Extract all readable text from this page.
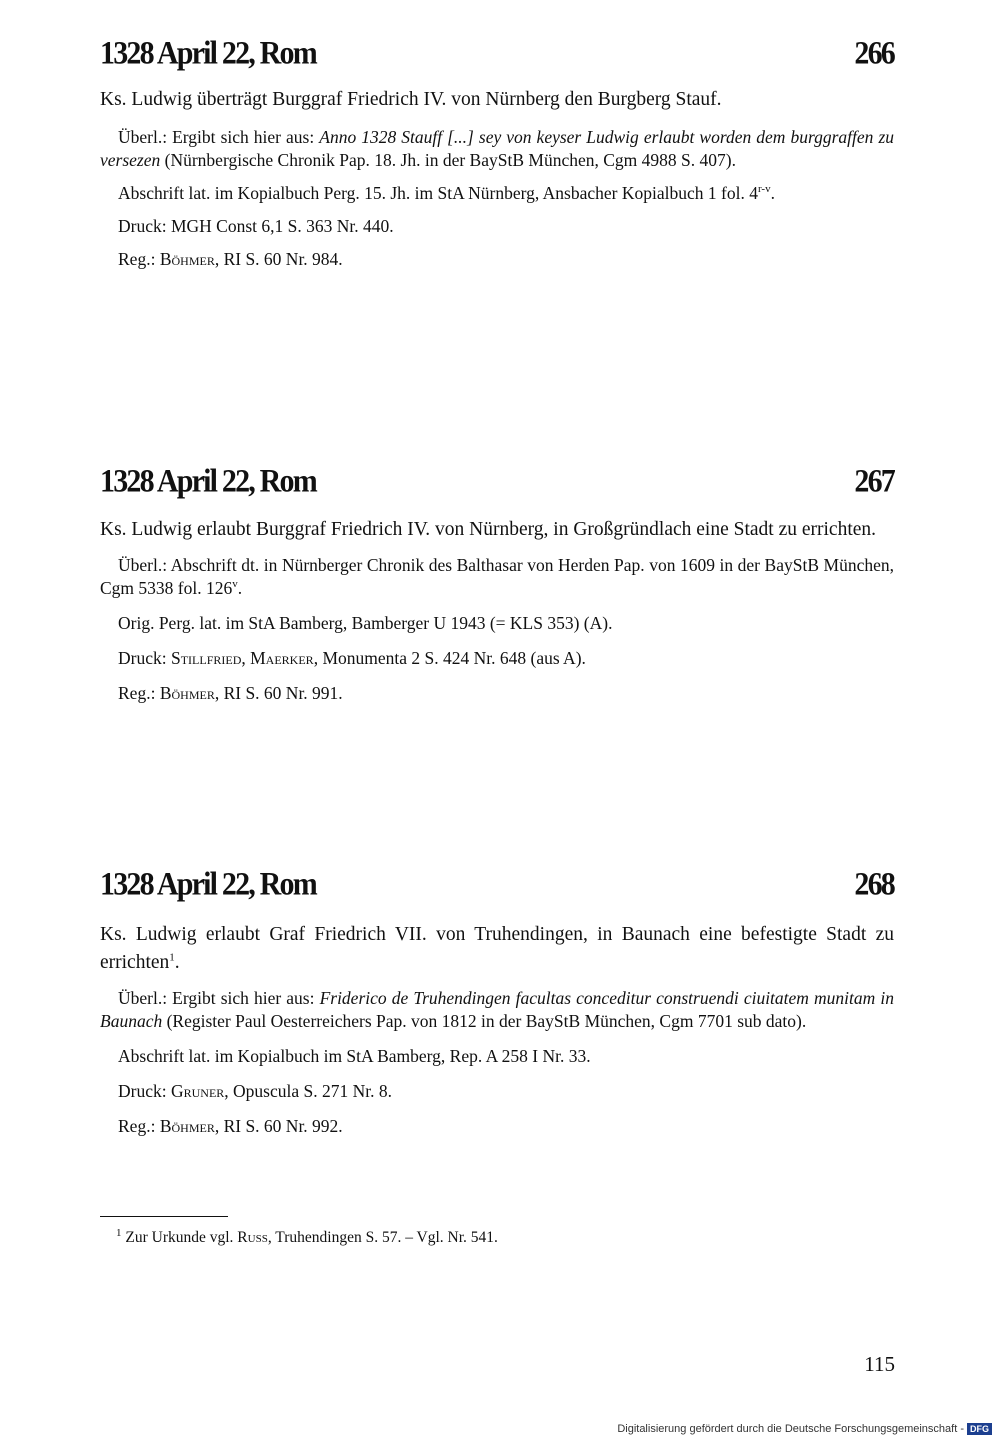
1328 April 22, Rom	266

Ks. Ludwig überträgt Burggraf Friedrich IV. von Nürnberg den Burgberg Stauf.

Überl.: Ergibt sich hier aus: Anno 1328 Stauff [...] sey von keyser Ludwig erlaubt worden dem burggraffen zu versezen (Nürnbergische Chronik Pap. 18. Jh. in der BayStB München, Cgm 4988 S. 407).

Abschrift lat. im Kopialbuch Perg. 15. Jh. im StA Nürnberg, Ansbacher Kopialbuch 1 fol. 4$^{r-v}$.

Druck: MGH Const 6,1 S. 363 Nr. 440.

Reg.: Böhmer, RI S. 60 Nr. 984.

1328 April 22, Rom	267

Ks. Ludwig erlaubt Burggraf Friedrich IV. von Nürnberg, in Großgründlach eine Stadt zu errichten.

Überl.: Abschrift dt. in Nürnberger Chronik des Balthasar von Herden Pap. von 1609 in der BayStB München, Cgm 5338 fol. 126$^v$.

Orig. Perg. lat. im StA Bamberg, Bamberger U 1943 (= KLS 353) (A).

Druck: Stillfried, Maerker, Monumenta 2 S. 424 Nr. 648 (aus A).

Reg.: Böhmer, RI S. 60 Nr. 991.

1328 April 22, Rom	268

Ks. Ludwig erlaubt Graf Friedrich VII. von Truhendingen, in Baunach eine befestigte Stadt zu errichten$^1$.

Überl.: Ergibt sich hier aus: Friderico de Truhendingen facultas conceditur construendi ciuitatem munitam in Baunach (Register Paul Oesterreichers Pap. von 1812 in der BayStB München, Cgm 7701 sub dato).

Abschrift lat. im Kopialbuch im StA Bamberg, Rep. A 258 I Nr. 33.

Druck: Gruner, Opuscula S. 271 Nr. 8.

Reg.: Böhmer, RI S. 60 Nr. 992.

$^1$ Zur Urkunde vgl. Russ, Truhendingen S. 57. – Vgl. Nr. 541.
115
Digitalisierung gefördert durch die Deutsche Forschungsgemeinschaft - DFG
